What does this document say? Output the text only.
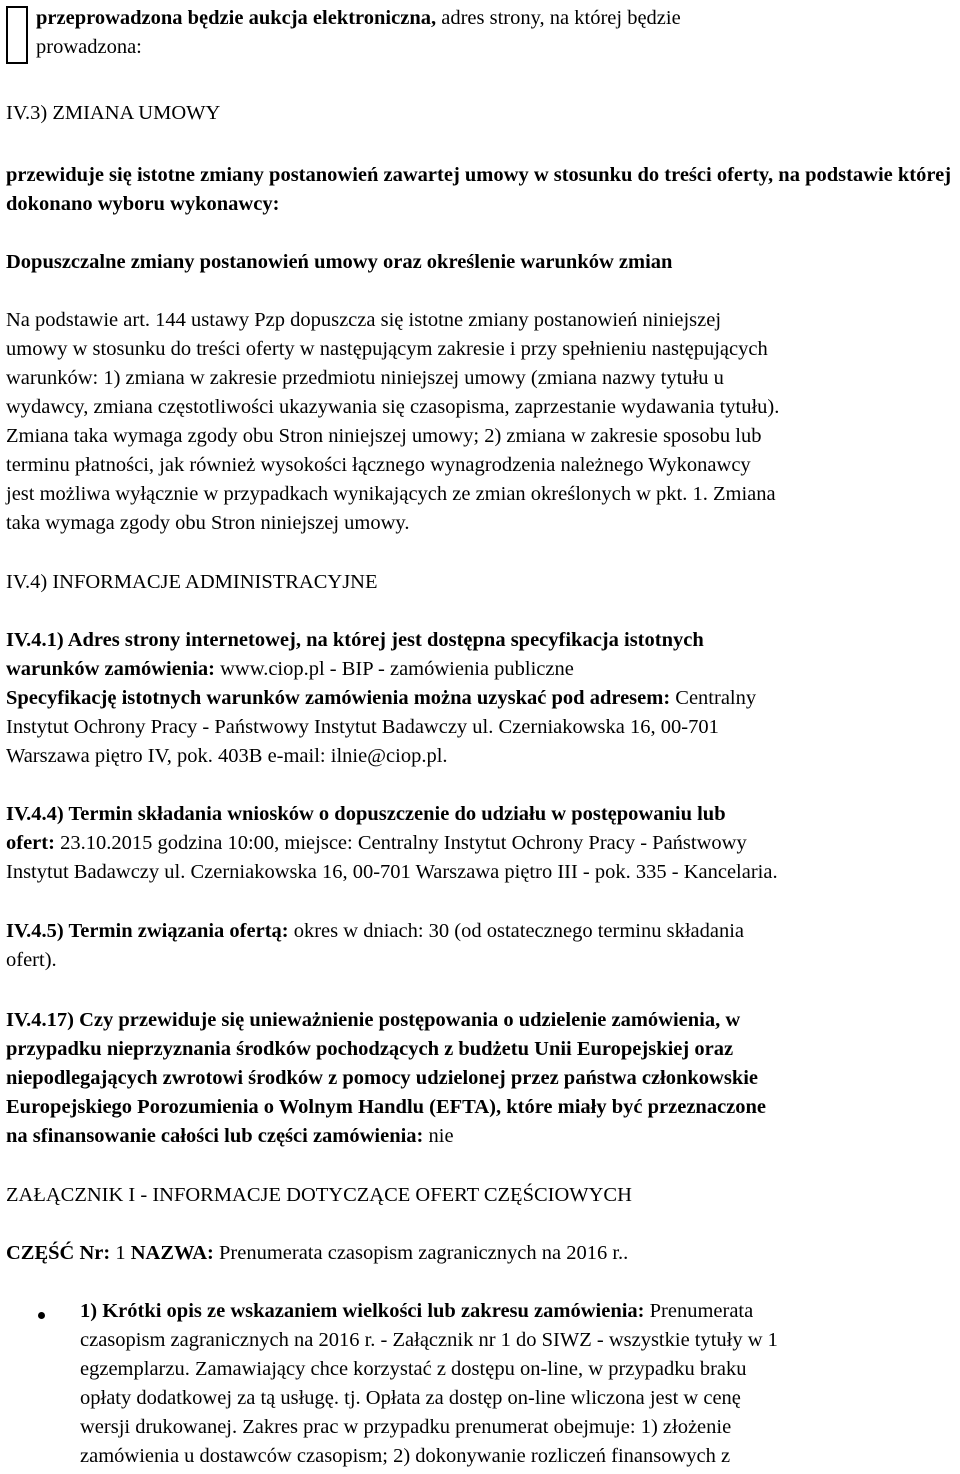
przeprowadzona będzie aukcja elektroniczna, adres strony, na której będzie
prowadzona:

IV.3) ZMIANA UMOWY

przewiduje się istotne zmiany postanowień zawartej umowy w stosunku do treści oferty, na podstawie której dokonano wyboru wykonawcy:

Dopuszczalne zmiany postanowień umowy oraz określenie warunków zmian

Na podstawie art. 144 ustawy Pzp dopuszcza się istotne zmiany postanowień niniejszej
umowy w stosunku do treści oferty w następującym zakresie i przy spełnieniu następujących
warunków: 1) zmiana w zakresie przedmiotu niniejszej umowy (zmiana nazwy tytułu u
wydawcy, zmiana częstotliwości ukazywania się czasopisma, zaprzestanie wydawania tytułu).
Zmiana taka wymaga zgody obu Stron niniejszej umowy; 2) zmiana w zakresie sposobu lub
terminu płatności, jak również wysokości łącznego wynagrodzenia należnego Wykonawcy
jest możliwa wyłącznie w przypadkach wynikających ze zmian określonych w pkt. 1. Zmiana
taka wymaga zgody obu Stron niniejszej umowy.

IV.4) INFORMACJE ADMINISTRACYJNE

IV.4.1) Adres strony internetowej, na której jest dostępna specyfikacja istotnych
warunków zamówienia: www.ciop.pl - BIP - zamówienia publiczne
Specyfikację istotnych warunków zamówienia można uzyskać pod adresem: Centralny
Instytut Ochrony Pracy - Państwowy Instytut Badawczy ul. Czerniakowska 16, 00-701
Warszawa piętro IV, pok. 403B e-mail: ilnie@ciop.pl.
IV.4.4) Termin składania wniosków o dopuszczenie do udziału w postępowaniu lub
ofert: 23.10.2015 godzina 10:00, miejsce: Centralny Instytut Ochrony Pracy - Państwowy
Instytut Badawczy ul. Czerniakowska 16, 00-701 Warszawa piętro III - pok. 335 - Kancelaria.
IV.4.5) Termin związania ofertą: okres w dniach: 30 (od ostatecznego terminu składania
ofert).
IV.4.17) Czy przewiduje się unieważnienie postępowania o udzielenie zamówienia, w
przypadku nieprzyznania środków pochodzących z budżetu Unii Europejskiej oraz
niepodlegających zwrotowi środków z pomocy udzielonej przez państwa członkowskie
Europejskiego Porozumienia o Wolnym Handlu (EFTA), które miały być przeznaczone
na sfinansowanie całości lub części zamówienia: nie

ZAŁĄCZNIK I - INFORMACJE DOTYCZĄCE OFERT CZĘŚCIOWYCH

CZĘŚĆ Nr: 1 NAZWA: Prenumerata czasopism zagranicznych na 2016 r..

1) Krótki opis ze wskazaniem wielkości lub zakresu zamówienia: Prenumerata
czasopism zagranicznych na 2016 r. - Załącznik nr 1 do SIWZ - wszystkie tytuły w 1
egzemplarzu. Zamawiający chce korzystać z dostępu on-line, w przypadku braku
opłaty dodatkowej za tą usługę. tj. Opłata za dostęp on-line wliczona jest w cenę
wersji drukowanej. Zakres prac w przypadku prenumerat obejmuje: 1) złożenie
zamówienia u dostawców czasopism; 2) dokonywanie rozliczeń finansowych z
